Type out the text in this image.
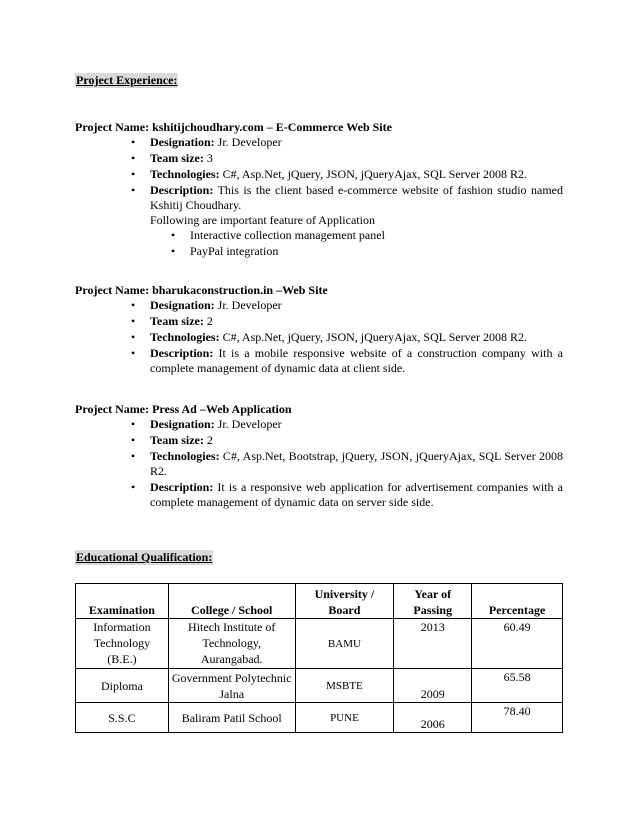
Project Experience:
Project Name: kshitijchoudhary.com – E-Commerce Web Site
• Designation: Jr. Developer
• Team size: 3
• Technologies: C#, Asp.Net, jQuery, JSON, jQueryAjax, SQL Server 2008 R2.
• Description: This is the client based e-commerce website of fashion studio named Kshitij Choudhary.
Following are important feature of Application
• Interactive collection management panel
• PayPal integration
Project Name: bharukaconstruction.in –Web Site
• Designation: Jr. Developer
• Team size: 2
• Technologies: C#, Asp.Net, jQuery, JSON, jQueryAjax, SQL Server 2008 R2.
• Description: It is a mobile responsive website of a construction company with a complete management of dynamic data at client side.
Project Name: Press Ad –Web Application
• Designation: Jr. Developer
• Team size: 2
• Technologies: C#, Asp.Net, Bootstrap, jQuery, JSON, jQueryAjax, SQL Server 2008 R2.
• Description: It is a responsive web application for advertisement companies with a complete management of dynamic data on server side side.
Educational Qualification:
Examination	College / School	University / Board	Year of Passing	Percentage
Information Technology (B.E.)	Hitech Institute of Technology, Aurangabad.	BAMU	2013	60.49
Diploma	Government Polytechnic Jalna	MSBTE	2009	65.58
S.S.C	Baliram Patil School	PUNE	2006	78.40
